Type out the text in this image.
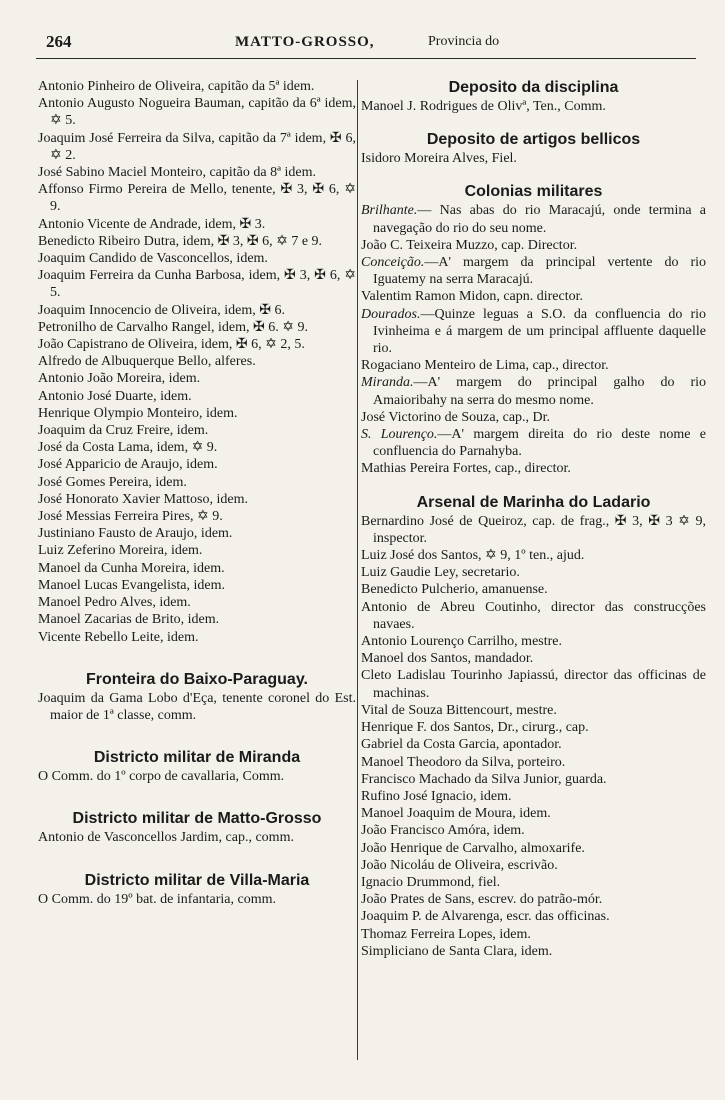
264	MATTO-GROSSO,	Provincia do
Antonio Pinheiro de Oliveira, capitão da 5ª idem.
Antonio Augusto Nogueira Bauman, capitão da 6ª idem, ✡ 5.
Joaquim José Ferreira da Silva, capitão da 7ª idem, ✠ 6, ✡ 2.
José Sabino Maciel Monteiro, capitão da 8ª idem.
Affonso Firmo Pereira de Mello, tenente, ✠ 3, ✠ 6, ✡ 9.
Antonio Vicente de Andrade, idem, ✠ 3.
Benedicto Ribeiro Dutra, idem, ✠ 3, ✠ 6, ✡ 7 e 9.
Joaquim Candido de Vasconcellos, idem.
Joaquim Ferreira da Cunha Barbosa, idem, ✠ 3, ✠ 6, ✡ 5.
Joaquim Innocencio de Oliveira, idem, ✠ 6.
Petronilho de Carvalho Rangel, idem, ✠ 6. ✡ 9.
João Capistrano de Oliveira, idem, ✠ 6, ✡ 2, 5.
Alfredo de Albuquerque Bello, alferes.
Antonio João Moreira, idem.
Antonio José Duarte, idem.
Henrique Olympio Monteiro, idem.
Joaquim da Cruz Freire, idem.
José da Costa Lama, idem, ✡ 9.
José Apparicio de Araujo, idem.
José Gomes Pereira, idem.
José Honorato Xavier Mattoso, idem.
José Messias Ferreira Pires, ✡ 9.
Justiniano Fausto de Araujo, idem.
Luiz Zeferino Moreira, idem.
Manoel da Cunha Moreira, idem.
Manoel Lucas Evangelista, idem.
Manoel Pedro Alves, idem.
Manoel Zacarias de Brito, idem.
Vicente Rebello Leite, idem.
Fronteira do Baixo-Paraguay.
Joaquim da Gama Lobo d'Eça, tenente coronel do Est. maior de 1ª classe, comm.
Districto militar de Miranda
O Comm. do 1º corpo de cavallaria, Comm.
Districto militar de Matto-Grosso
Antonio de Vasconcellos Jardim, cap., comm.
Districto militar de Villa-Maria
O Comm. do 19º bat. de infantaria, comm.
Deposito da disciplina
Manoel J. Rodrigues de Olivª, Ten., Comm.
Deposito de artigos bellicos
Isidoro Moreira Alves, Fiel.
Colonias militares
Brilhante.— Nas abas do rio Maracajú, onde termina a navegação do rio do seu nome.
João C. Teixeira Muzzo, cap. Director.
Conceição.—A' margem da principal vertente do rio Iguatemy na serra Maracajú.
Valentim Ramon Midon, capn. director.
Dourados.—Quinze leguas a S.O. da confluencia do rio Ivinheima e á margem de um principal affluente daquelle rio.
Rogaciano Menteiro de Lima, cap., director.
Miranda.—A' margem do principal galho do rio Amaioribahy na serra do mesmo nome.
José Victorino de Souza, cap., Dr.
S. Lourenço.—A' margem direita do rio deste nome e confluencia do Parnahyba.
Mathias Pereira Fortes, cap., director.
Arsenal de Marinha do Ladario
Bernardino José de Queiroz, cap. de frag., ✠ 3, ✠ 3 ✡ 9, inspector.
Luiz José dos Santos, ✡ 9, 1º ten., ajud.
Luiz Gaudie Ley, secretario.
Benedicto Pulcherio, amanuense.
Antonio de Abreu Coutinho, director das construcções navaes.
Antonio Lourenço Carrilho, mestre.
Manoel dos Santos, mandador.
Cleto Ladislau Tourinho Japiassú, director das officinas de machinas.
Vital de Souza Bittencourt, mestre.
Henrique F. dos Santos, Dr., cirurg., cap.
Gabriel da Costa Garcia, apontador.
Manoel Theodoro da Silva, porteiro.
Francisco Machado da Silva Junior, guarda.
Rufino José Ignacio, idem.
Manoel Joaquim de Moura, idem.
João Francisco Amóra, idem.
João Henrique de Carvalho, almoxarife.
João Nicoláu de Oliveira, escrivão.
Ignacio Drummond, fiel.
João Prates de Sans, escrev. do patrão-mór.
Joaquim P. de Alvarenga, escr. das officinas.
Thomaz Ferreira Lopes, idem.
Simpliciano de Santa Clara, idem.
